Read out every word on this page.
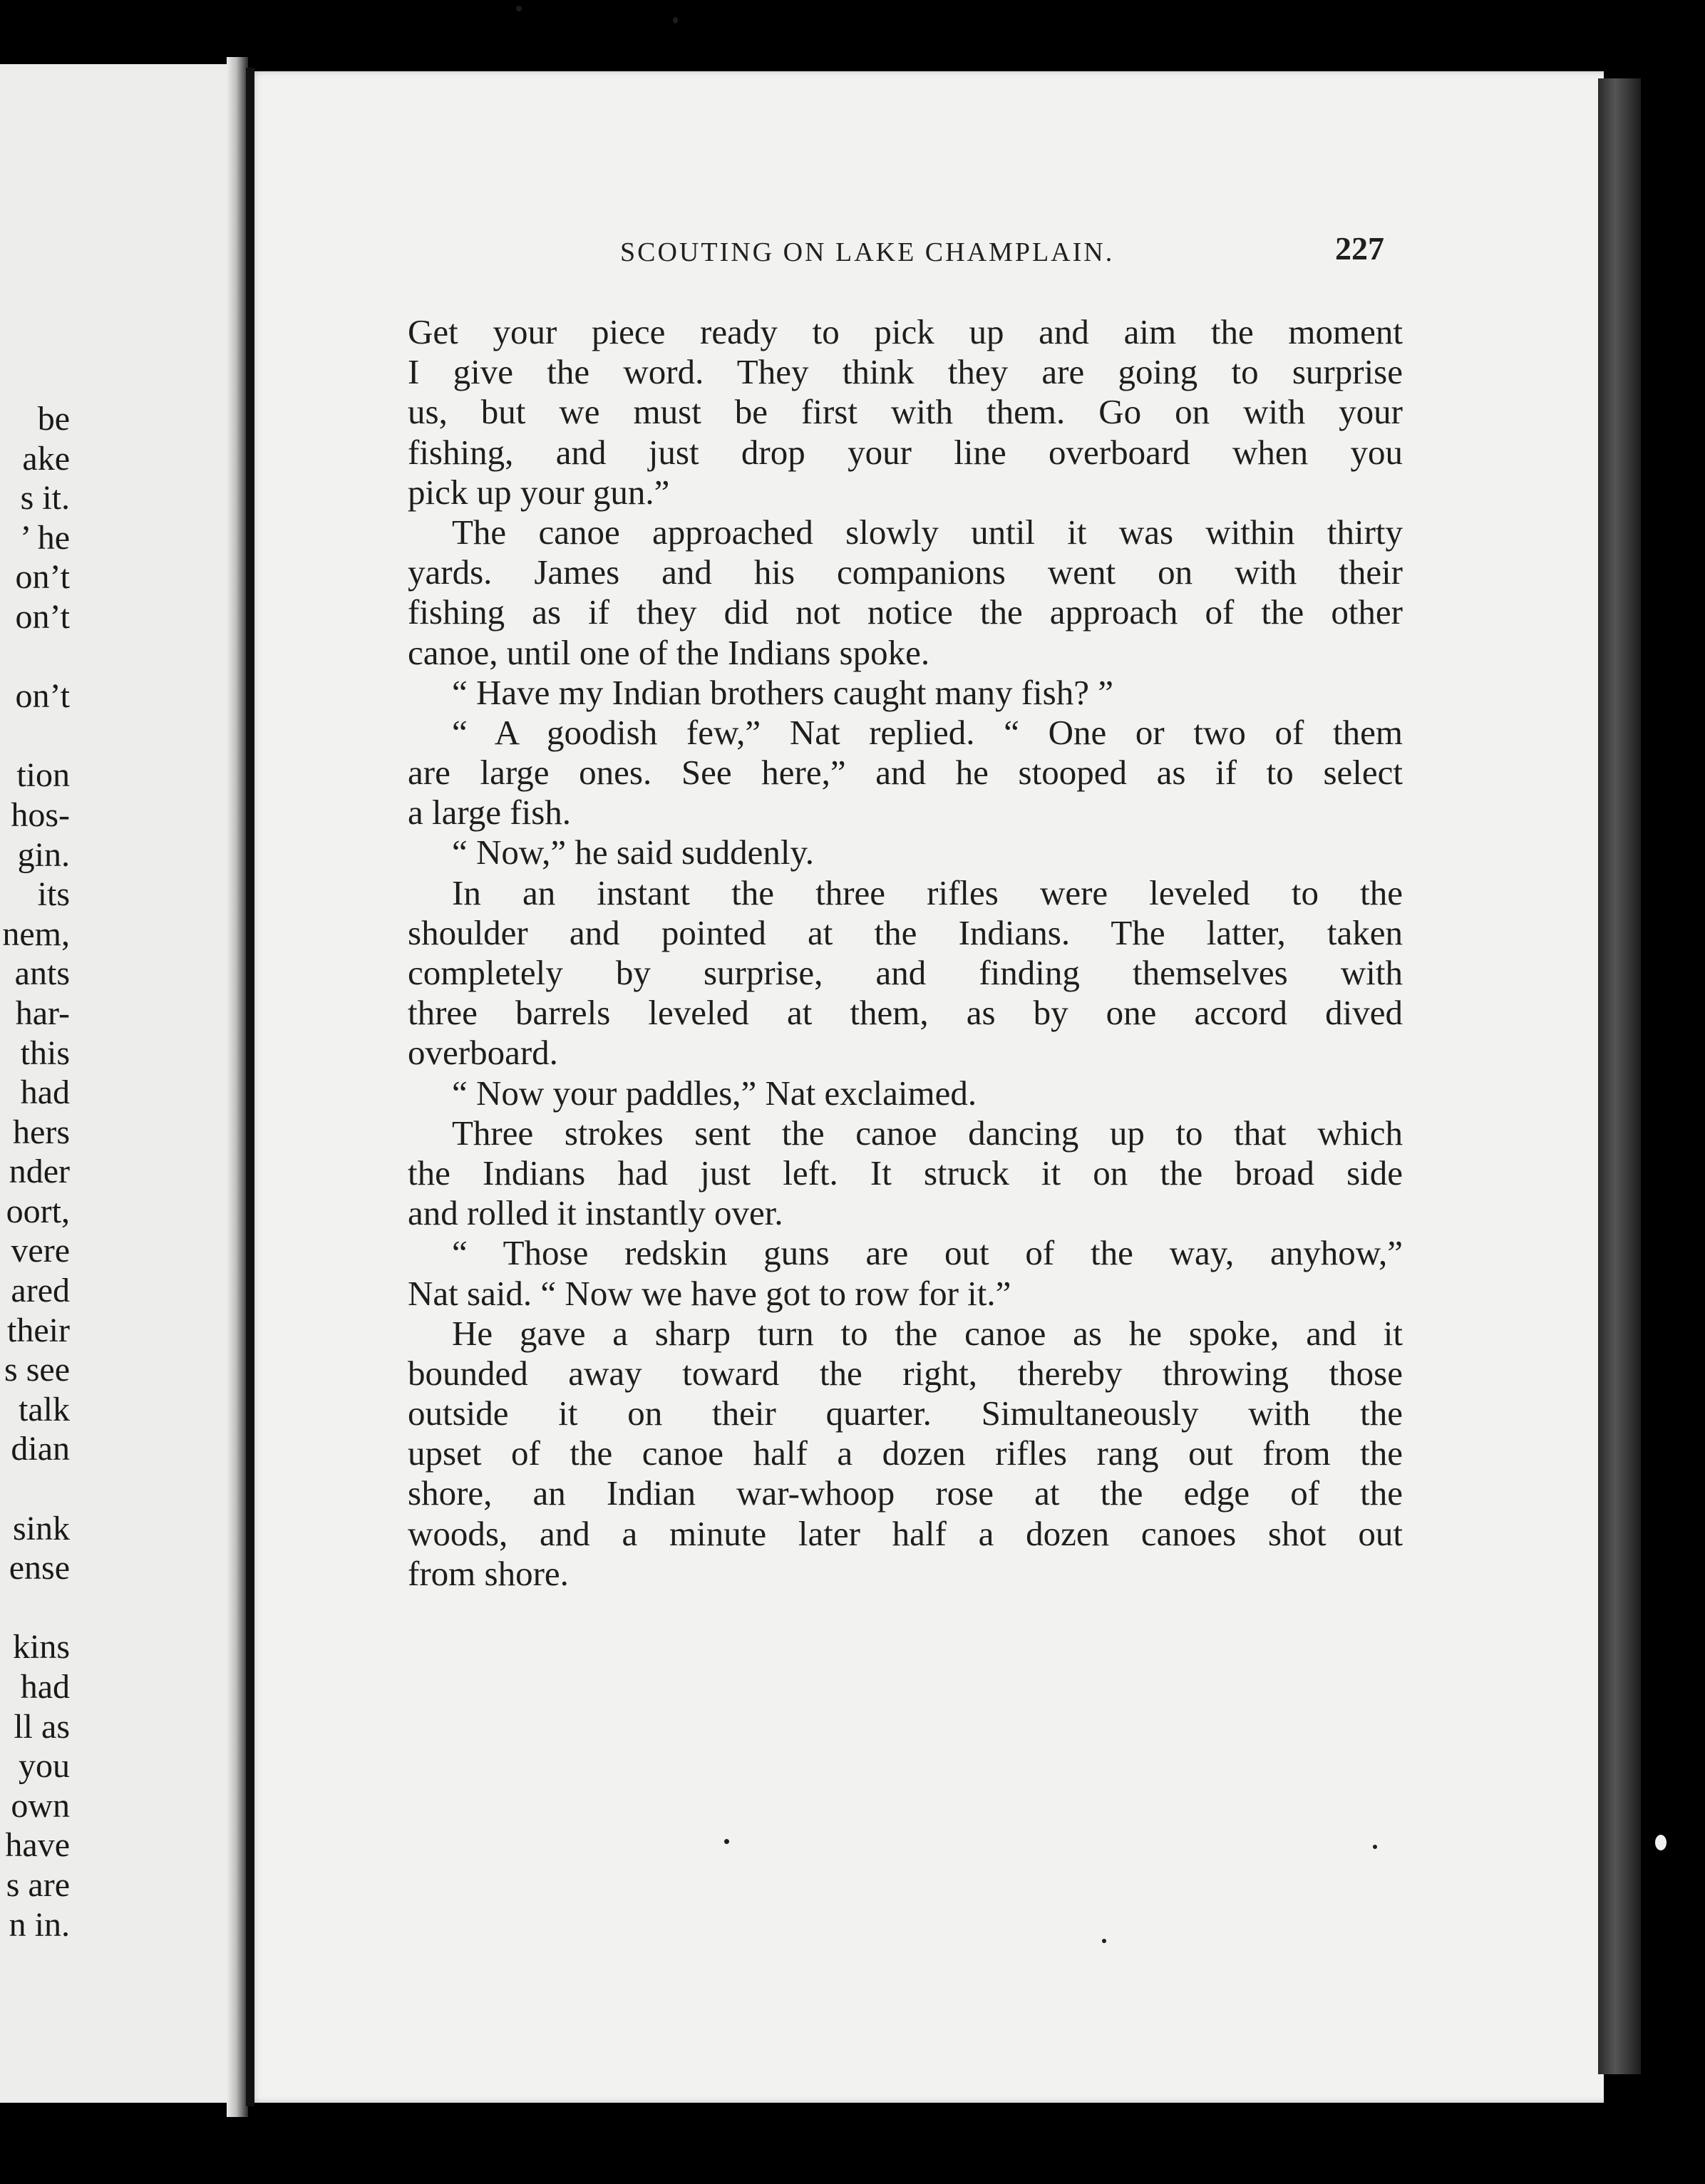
be
ake
s it.
’ he
on’t
on’t
on’t
tion
hos-
gin.
its
nem,
ants
har-
this
had
hers
nder
oort,
vere
ared
their
s see
talk
dian
sink
ense
kins
had
ll as
you
own
have
s are
n in.
SCOUTING ON LAKE CHAMPLAIN.	227
Get your piece ready to pick up and aim the moment
I give the word. They think they are going to surprise
us, but we must be first with them. Go on with your
fishing, and just drop your line overboard when you
pick up your gun.”
The canoe approached slowly until it was within thirty
yards. James and his companions went on with their
fishing as if they did not notice the approach of the other
canoe, until one of the Indians spoke.
“ Have my Indian brothers caught many fish? ”
“ A goodish few,” Nat replied. “ One or two of them
are large ones. See here,” and he stooped as if to select
a large fish.
“ Now,” he said suddenly.
In an instant the three rifles were leveled to the
shoulder and pointed at the Indians. The latter, taken
completely by surprise, and finding themselves with
three barrels leveled at them, as by one accord dived
overboard.
“ Now your paddles,” Nat exclaimed.
Three strokes sent the canoe dancing up to that which
the Indians had just left. It struck it on the broad side
and rolled it instantly over.
“ Those redskin guns are out of the way, anyhow,”
Nat said. “ Now we have got to row for it.”
He gave a sharp turn to the canoe as he spoke, and it
bounded away toward the right, thereby throwing those
outside it on their quarter. Simultaneously with the
upset of the canoe half a dozen rifles rang out from the
shore, an Indian war-whoop rose at the edge of the
woods, and a minute later half a dozen canoes shot out
from shore.
